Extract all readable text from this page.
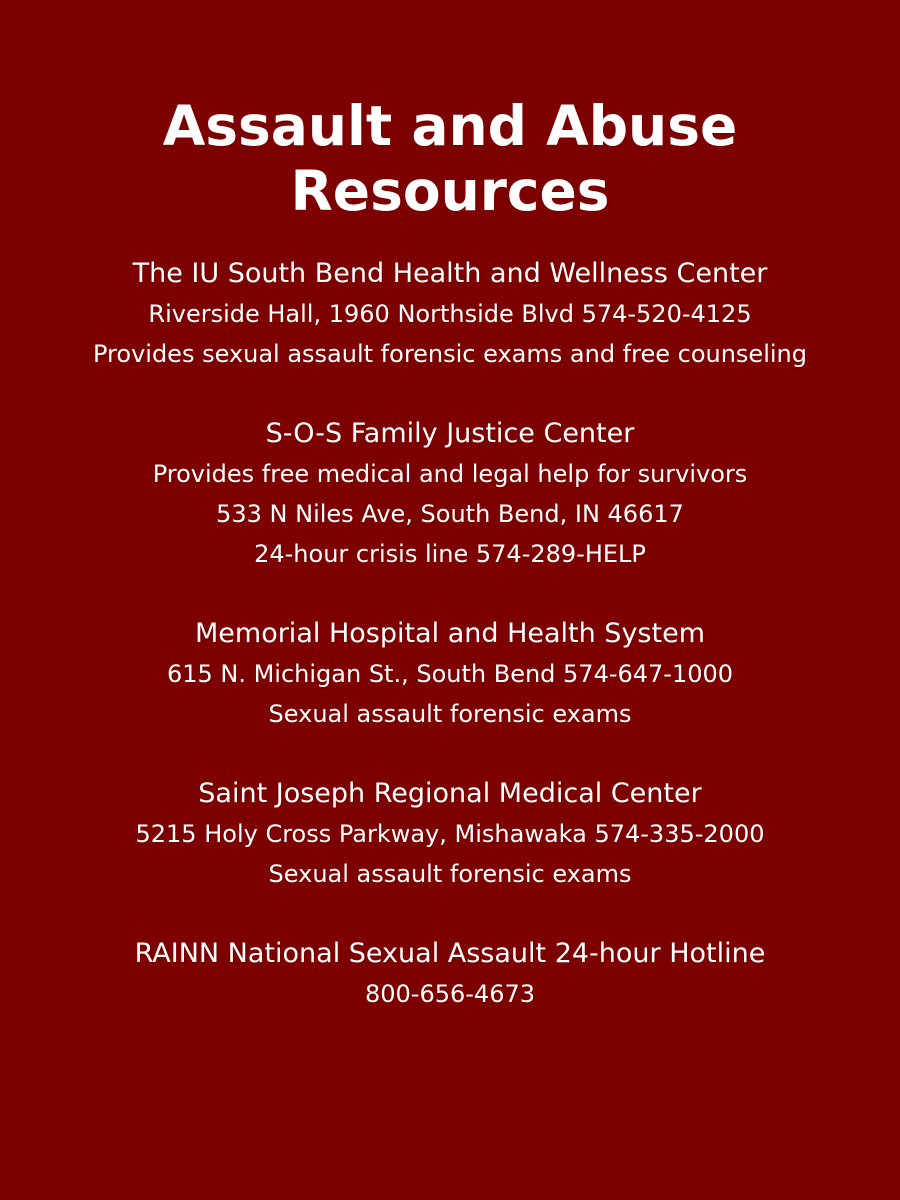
Assault and Abuse
Resources
The IU South Bend Health and Wellness Center
Riverside Hall, 1960 Northside Blvd 574-520-4125
Provides sexual assault forensic exams and free counseling
S-O-S Family Justice Center
Provides free medical and legal help for survivors
533 N Niles Ave, South Bend, IN 46617
24-hour crisis line 574-289-HELP
Memorial Hospital and Health System
615 N. Michigan St., South Bend 574-647-1000
Sexual assault forensic exams
Saint Joseph Regional Medical Center
5215 Holy Cross Parkway, Mishawaka 574-335-2000
Sexual assault forensic exams
RAINN National Sexual Assault 24-hour Hotline
800-656-4673
